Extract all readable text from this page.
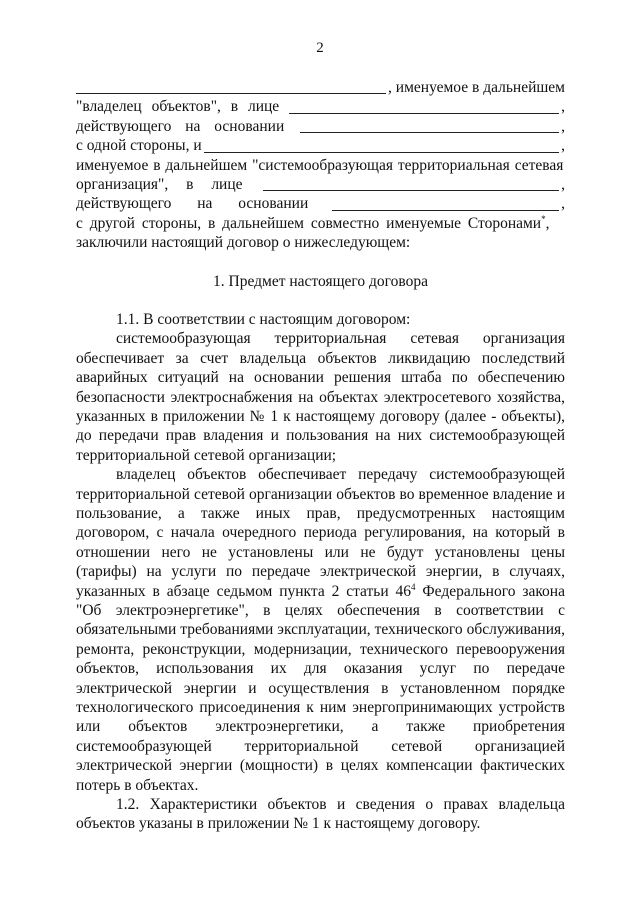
2
, именуемое в дальнейшем
"владелец объектов", в лице	,
действующего на основании	,
с одной стороны, и	,
именуемое в дальнейшем "системообразующая территориальная сетевая
организация", в лице	,
действующего на основании	,
с другой стороны, в дальнейшем совместно именуемые Сторонами*,
заключили настоящий договор о нижеследующем:
1. Предмет настоящего договора
1.1. В соответствии с настоящим договором:
системообразующая территориальная сетевая организация обеспечивает за счет владельца объектов ликвидацию последствий аварийных ситуаций на основании решения штаба по обеспечению безопасности электроснабжения на объектах электросетевого хозяйства, указанных в приложении № 1 к настоящему договору (далее - объекты), до передачи прав владения и пользования на них системообразующей территориальной сетевой организации;
владелец объектов обеспечивает передачу системообразующей территориальной сетевой организации объектов во временное владение и пользование, а также иных прав, предусмотренных настоящим договором, с начала очередного периода регулирования, на который в отношении него не установлены или не будут установлены цены (тарифы) на услуги по передаче электрической энергии, в случаях, указанных в абзаце седьмом пункта 2 статьи $46^4$ Федерального закона "Об электроэнергетике", в целях обеспечения в соответствии с обязательными требованиями эксплуатации, технического обслуживания, ремонта, реконструкции, модернизации, технического перевооружения объектов, использования их для оказания услуг по передаче электрической энергии и осуществления в установленном порядке технологического присоединения к ним энергопринимающих устройств или объектов электроэнергетики, а также приобретения системообразующей территориальной сетевой организацией электрической энергии (мощности) в целях компенсации фактических потерь в объектах.
1.2. Характеристики объектов и сведения о правах владельца объектов указаны в приложении № 1 к настоящему договору.
